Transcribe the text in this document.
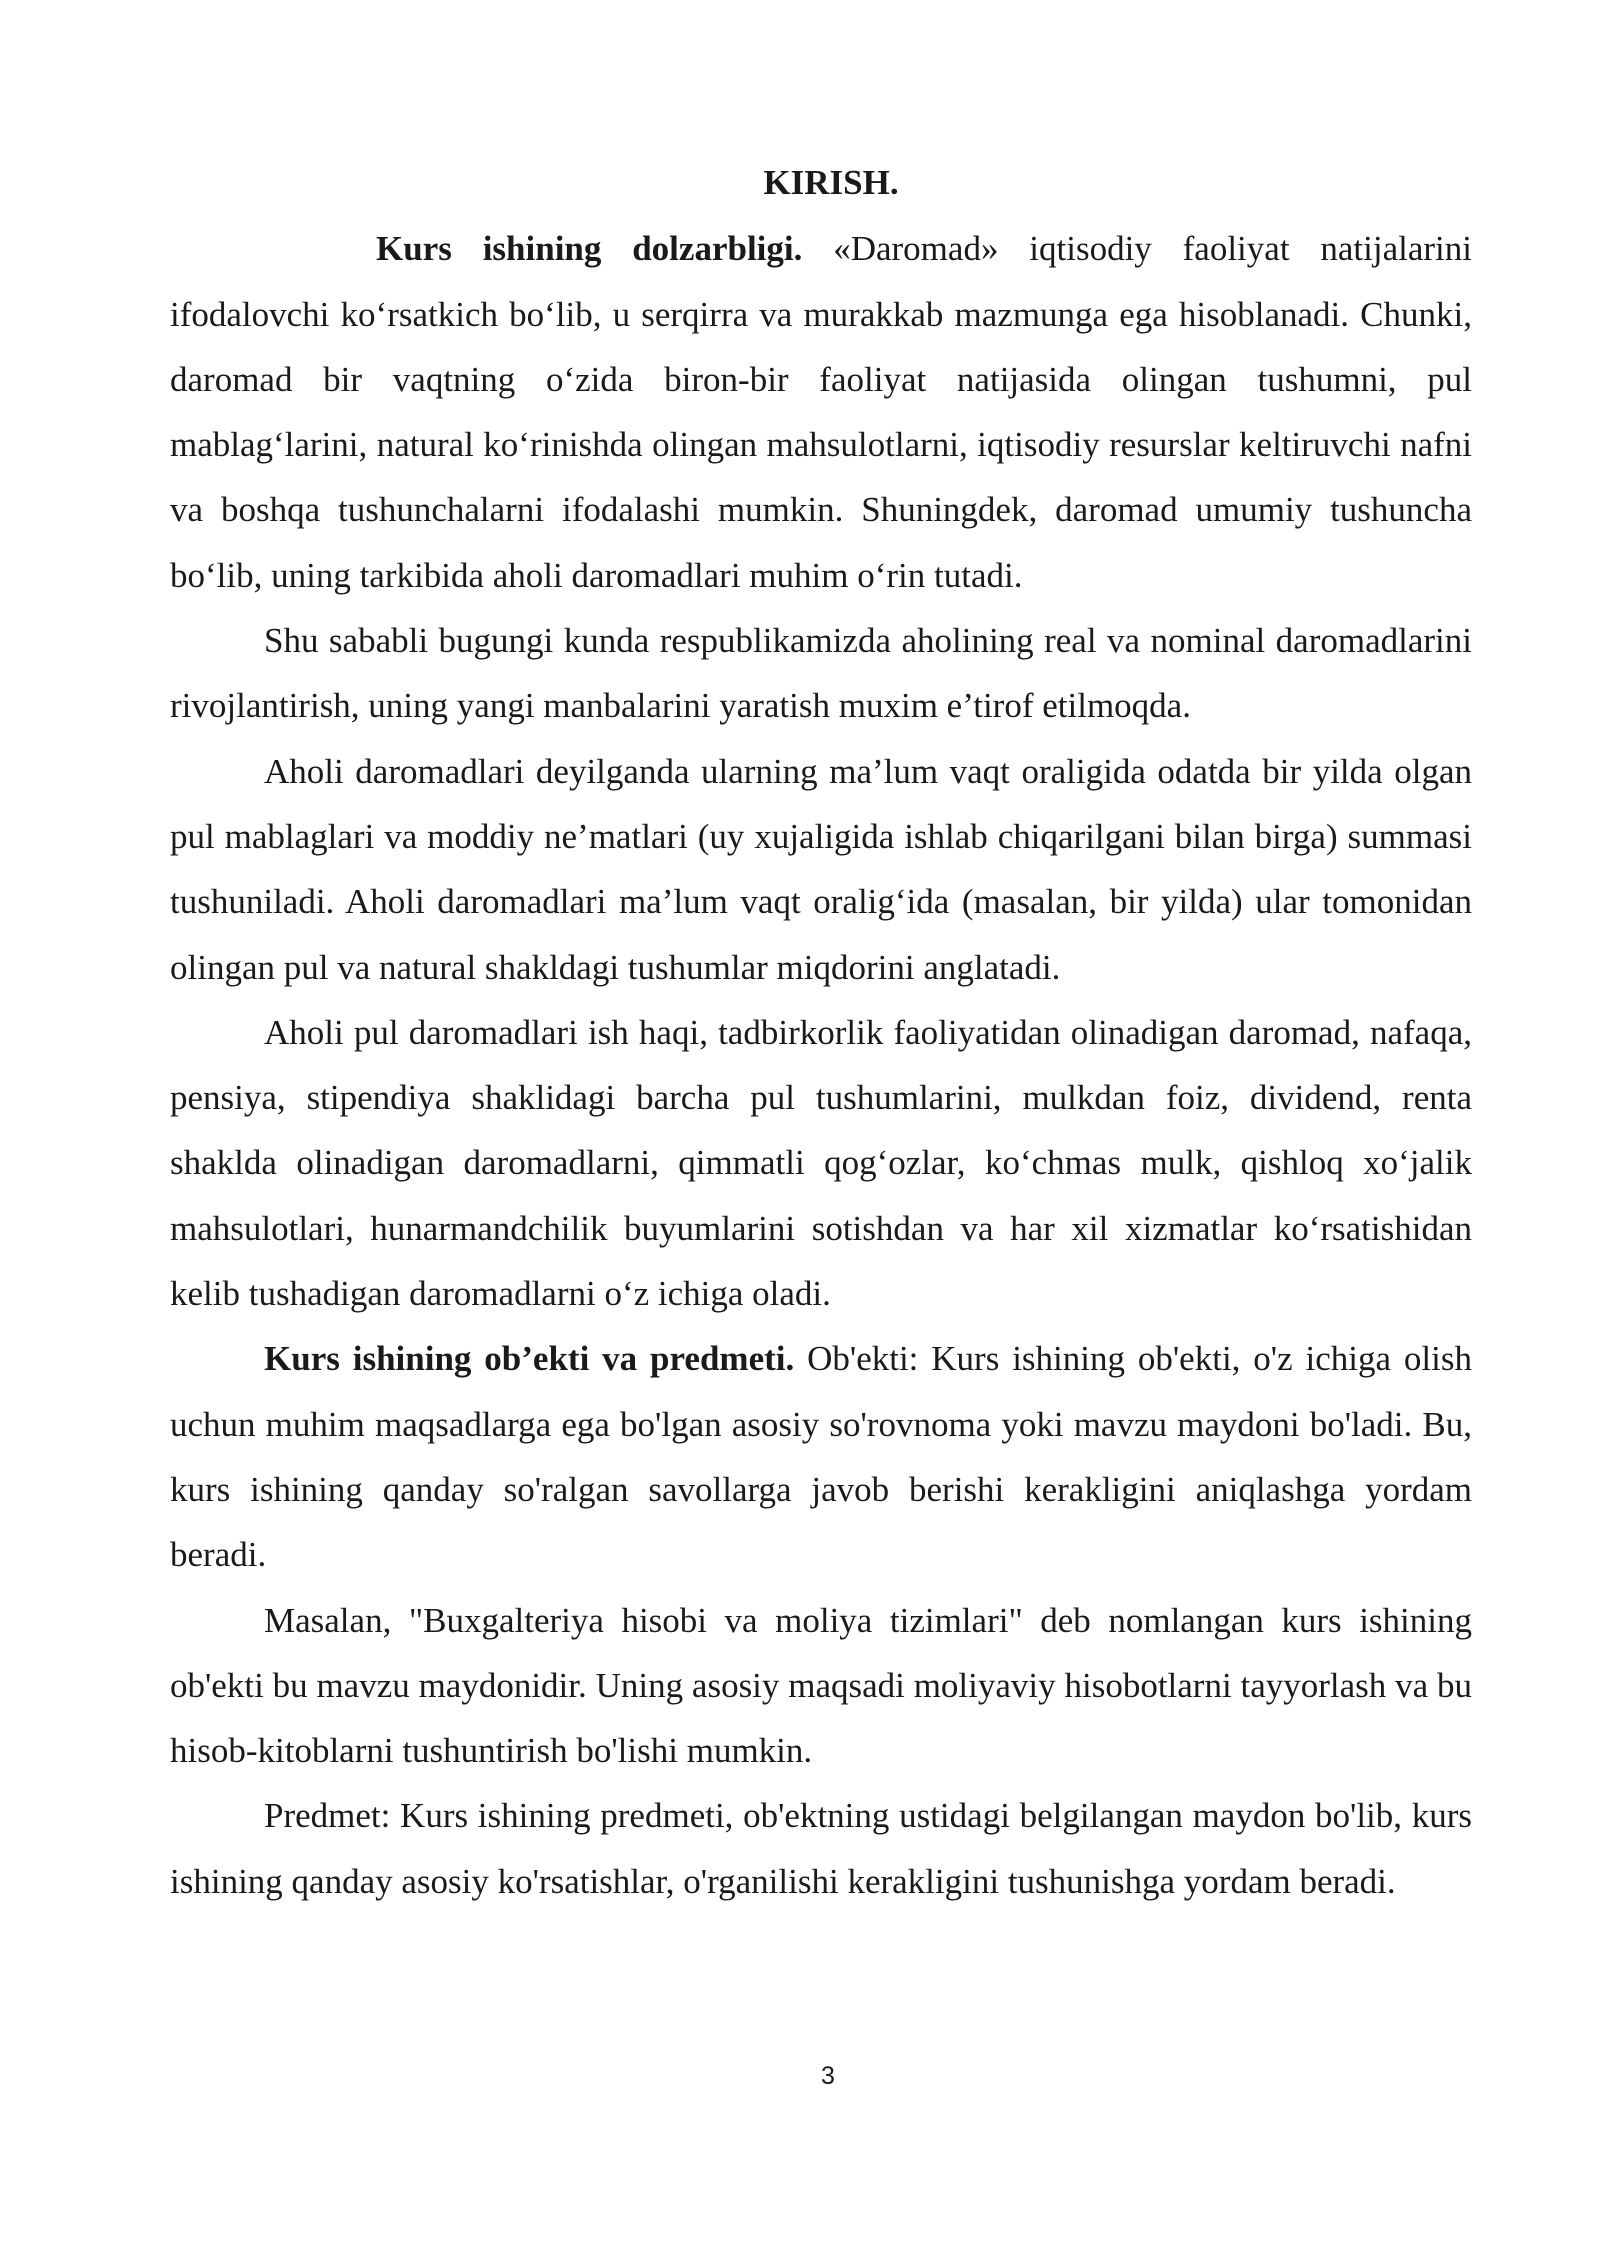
KIRISH.

Kurs ishining dolzarbligi. «Daromad» iqtisodiy faoliyat natijalarini ifodalovchi ko‘rsatkich bo‘lib, u serqirra va murakkab mazmunga ega hisoblanadi. Chunki, daromad bir vaqtning o‘zida biron-bir faoliyat natijasida olingan tushumni, pul mablag‘larini, natural ko‘rinishda olingan mahsulotlarni, iqtisodiy resurslar keltiruvchi nafni va boshqa tushunchalarni ifodalashi mumkin. Shuningdek, daromad umumiy tushuncha bo‘lib, uning tarkibida aholi daromadlari muhim o‘rin tutadi.

Shu sababli bugungi kunda respublikamizda aholining real va nominal daromadlarini rivojlantirish, uning yangi manbalarini yaratish muxim e’tirof etilmoqda.

Aholi daromadlari deyilganda ularning ma’lum vaqt oraligida odatda bir yilda olgan pul mablaglari va moddiy ne’matlari (uy xujaligida ishlab chiqarilgani bilan birga) summasi tushuniladi. Aholi daromadlari ma’lum vaqt oralig‘ida (masalan, bir yilda) ular tomonidan olingan pul va natural shakldagi tushumlar miqdorini anglatadi.

Aholi pul daromadlari ish haqi, tadbirkorlik faoliyatidan olinadigan daromad, nafaqa, pensiya, stipendiya shaklidagi barcha pul tushumlarini, mulkdan foiz, dividend, renta shaklda olinadigan daromadlarni, qimmatli qog‘ozlar, ko‘chmas mulk, qishloq xo‘jalik mahsulotlari, hunarmandchilik buyumlarini sotishdan va har xil xizmatlar ko‘rsatishidan kelib tushadigan daromadlarni o‘z ichiga oladi.

Kurs ishining ob’ekti va predmeti. Ob'ekti: Kurs ishining ob'ekti, o'z ichiga olish uchun muhim maqsadlarga ega bo'lgan asosiy so'rovnoma yoki mavzu maydoni bo'ladi. Bu, kurs ishining qanday so'ralgan savollarga javob berishi kerakligini aniqlashga yordam beradi.

Masalan, "Buxgalteriya hisobi va moliya tizimlari" deb nomlangan kurs ishining ob'ekti bu mavzu maydonidir. Uning asosiy maqsadi moliyaviy hisobotlarni tayyorlash va bu hisob-kitoblarni tushuntirish bo'lishi mumkin.

Predmet: Kurs ishining predmeti, ob'ektning ustidagi belgilangan maydon bo'lib, kurs ishining qanday asosiy ko'rsatishlar, o'rganilishi kerakligini tushunishga yordam beradi.

3
